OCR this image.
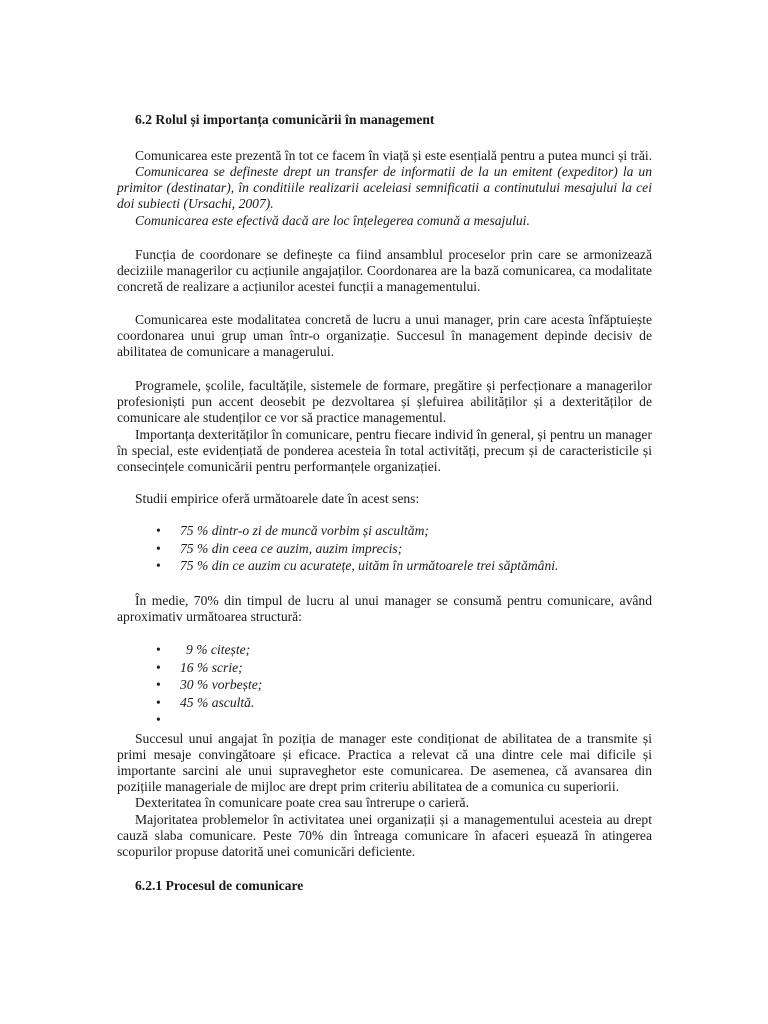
6.2 Rolul și importanța comunicării în management

Comunicarea este prezentă în tot ce facem în viață și este esențială pentru a putea munci și trăi.

Comunicarea se defineste drept un transfer de informatii de la un emitent (expeditor) la un primitor (destinatar), în conditiile realizarii aceleiasi semnificatii a continutului mesajului la cei doi subiecti (Ursachi, 2007).

Comunicarea este efectivă dacă are loc înțelegerea comună a mesajului.

Funcția de coordonare se definește ca fiind ansamblul proceselor prin care se armonizează deciziile managerilor cu acțiunile angajaților. Coordonarea are la bază comunicarea, ca modalitate concretă de realizare a acțiunilor acestei funcții a managementului.

Comunicarea este modalitatea concretă de lucru a unui manager, prin care acesta înfăptuiește coordonarea unui grup uman într-o organizație. Succesul în management depinde decisiv de abilitatea de comunicare a managerului.

Programele, școlile, facultățile, sistemele de formare, pregătire și perfecționare a managerilor profesioniști pun accent deosebit pe dezvoltarea și șlefuirea abilităților și a dexterităților de comunicare ale studenților ce vor să practice managementul.

Importanța dexterităților în comunicare, pentru fiecare individ în general, și pentru un manager în special, este evidențiată de ponderea acesteia în total activități, precum și de caracteristicile și consecințele comunicării pentru performanțele organizației.

Studii empirice oferă următoarele date în acest sens:

• 75 % dintr-o zi de muncă vorbim și ascultăm;
• 75 % din ceea ce auzim, auzim imprecis;
• 75 % din ce auzim cu acuratețe, uităm în următoarele trei săptămâni.

În medie, 70% din timpul de lucru al unui manager se consumă pentru comunicare, având aproximativ următoarea structură:

• 9 % citește;
• 16 % scrie;
• 30 % vorbește;
• 45 % ascultă.
•

Succesul unui angajat în poziția de manager este condiționat de abilitatea de a transmite și primi mesaje convingătoare și eficace. Practica a relevat că una dintre cele mai dificile și importante sarcini ale unui supraveghetor este comunicarea. De asemenea, că avansarea din pozițiile manageriale de mijloc are drept prim criteriu abilitatea de a comunica cu superiorii.

Dexteritatea în comunicare poate crea sau întrerupe o carieră.

Majoritatea problemelor în activitatea unei organizații și a managementului acesteia au drept cauză slaba comunicare. Peste 70% din întreaga comunicare în afaceri eșuează în atingerea scopurilor propuse datorită unei comunicări deficiente.

6.2.1 Procesul de comunicare
